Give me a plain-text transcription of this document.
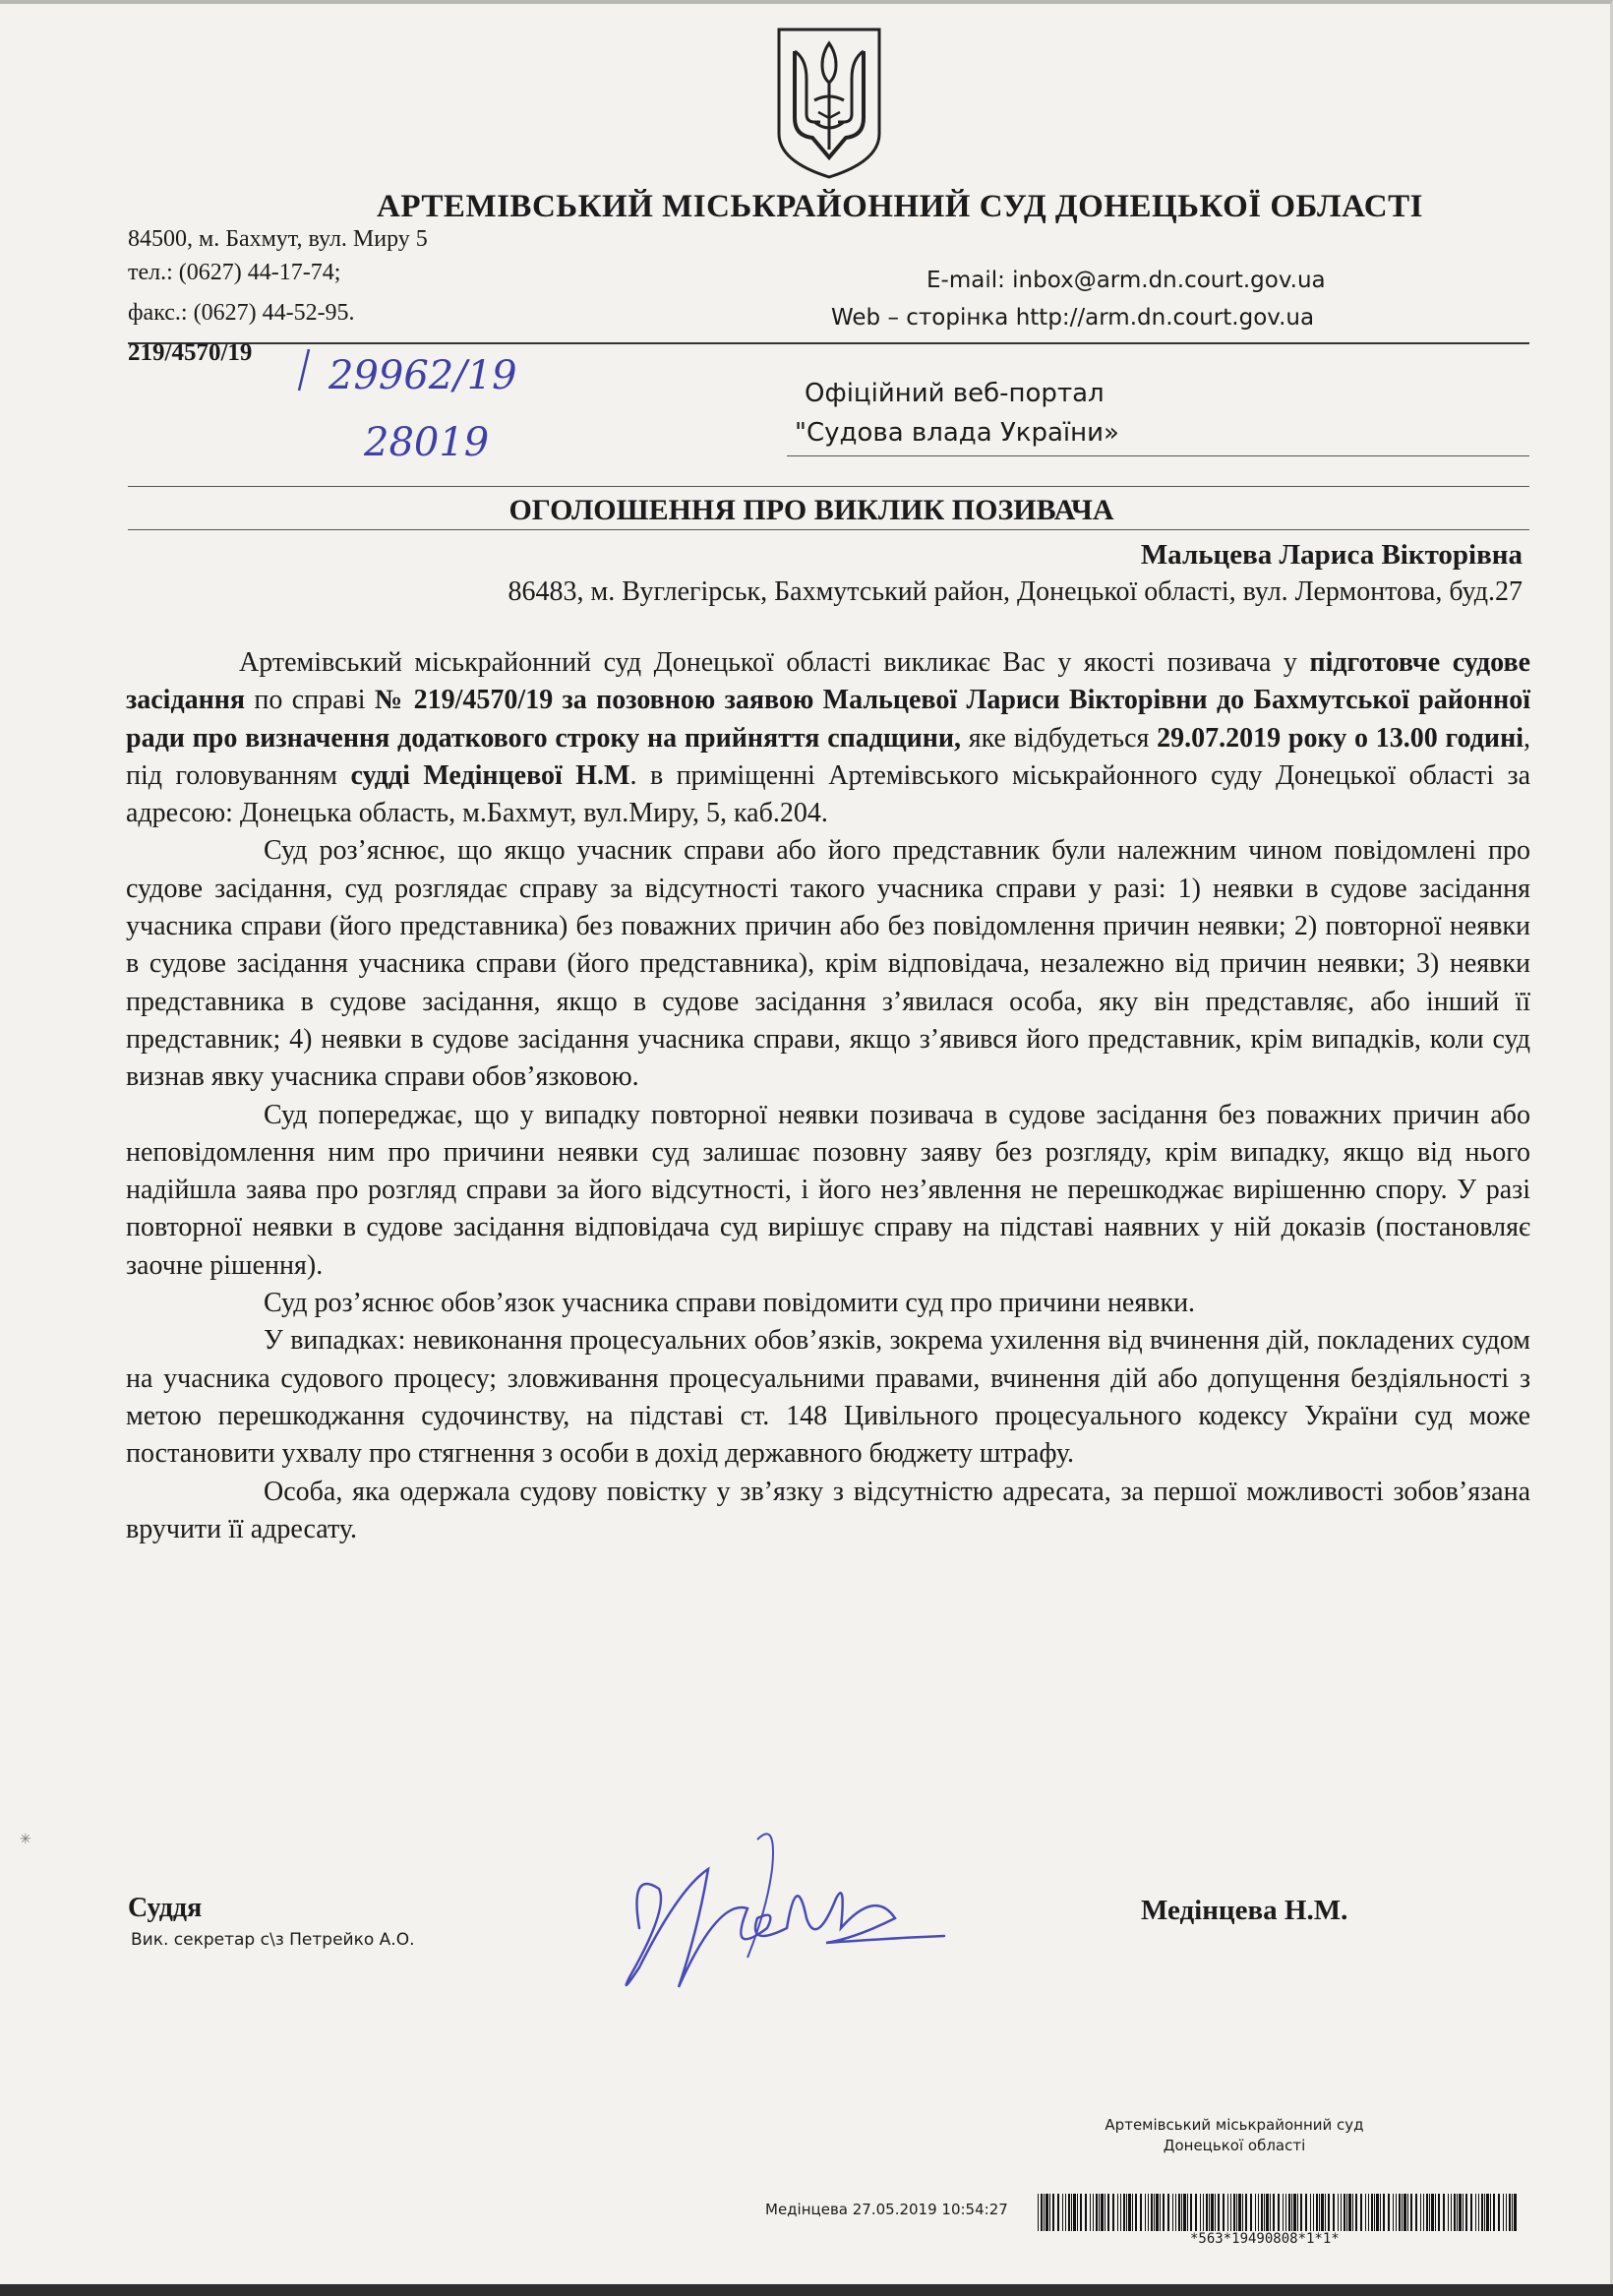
АРТЕМІВСЬКИЙ МІСЬКРАЙОННИЙ СУД ДОНЕЦЬКОЇ ОБЛАСТІ
84500, м. Бахмут, вул. Миру 5
тел.: (0627) 44-17-74;
факс.: (0627) 44-52-95.
E-mail: inbox@arm.dn.court.gov.ua
Web – сторінка http://arm.dn.court.gov.ua
219/4570/19
29962/19
28019
Офіційний веб-портал
"Судова влада України»
ОГОЛОШЕННЯ ПРО ВИКЛИК ПОЗИВАЧА
Мальцева Лариса Вікторівна
86483, м. Вуглегірськ, Бахмутський район, Донецької області, вул. Лермонтова, буд.27

Артемівський міськрайонний суд Донецької області викликає Вас у якості позивача у підготовче судове засідання по справі № 219/4570/19 за позовною заявою Мальцевої Лариси Вікторівни до Бахмутської районної ради про визначення додаткового строку на прийняття спадщини, яке відбудеться 29.07.2019 року о 13.00 годині, під головуванням судді Медінцевої Н.М. в приміщенні Артемівського міськрайонного суду Донецької області за адресою: Донецька область, м.Бахмут, вул.Миру, 5, каб.204.

Суд роз’яснює, що якщо учасник справи або його представник були належним чином повідомлені про судове засідання, суд розглядає справу за відсутності такого учасника справи у разі: 1) неявки в судове засідання учасника справи (його представника) без поважних причин або без повідомлення причин неявки; 2) повторної неявки в судове засідання учасника справи (його представника), крім відповідача, незалежно від причин неявки; 3) неявки представника в судове засідання, якщо в судове засідання з’явилася особа, яку він представляє, або інший її представник; 4) неявки в судове засідання учасника справи, якщо з’явився його представник, крім випадків, коли суд визнав явку учасника справи обов’язковою.

Суд попереджає, що у випадку повторної неявки позивача в судове засідання без поважних причин або неповідомлення ним про причини неявки суд залишає позовну заяву без розгляду, крім випадку, якщо від нього надійшла заява про розгляд справи за його відсутності, і його нез’явлення не перешкоджає вирішенню спору. У разі повторної неявки в судове засідання відповідача суд вирішує справу на підставі наявних у ній доказів (постановляє заочне рішення).

Суд роз’яснює обов’язок учасника справи повідомити суд про причини неявки.

У випадках: невиконання процесуальних обов’язків, зокрема ухилення від вчинення дій, покладених судом на учасника судового процесу; зловживання процесуальними правами, вчинення дій або допущення бездіяльності з метою перешкоджання судочинству, на підставі ст. 148 Цивільного процесуального кодексу України суд може постановити ухвалу про стягнення з особи в дохід державного бюджету штрафу.

Особа, яка одержала судову повістку у зв’язку з відсутністю адресата, за першої можливості зобов’язана вручити її адресату.

✳
Суддя
Вик. секретар с\з Петрейко А.О.
Медінцева Н.М.
Артемівський міськрайонний суд
Донецької області
Медінцева 27.05.2019 10:54:27
*563*19490808*1*1*
